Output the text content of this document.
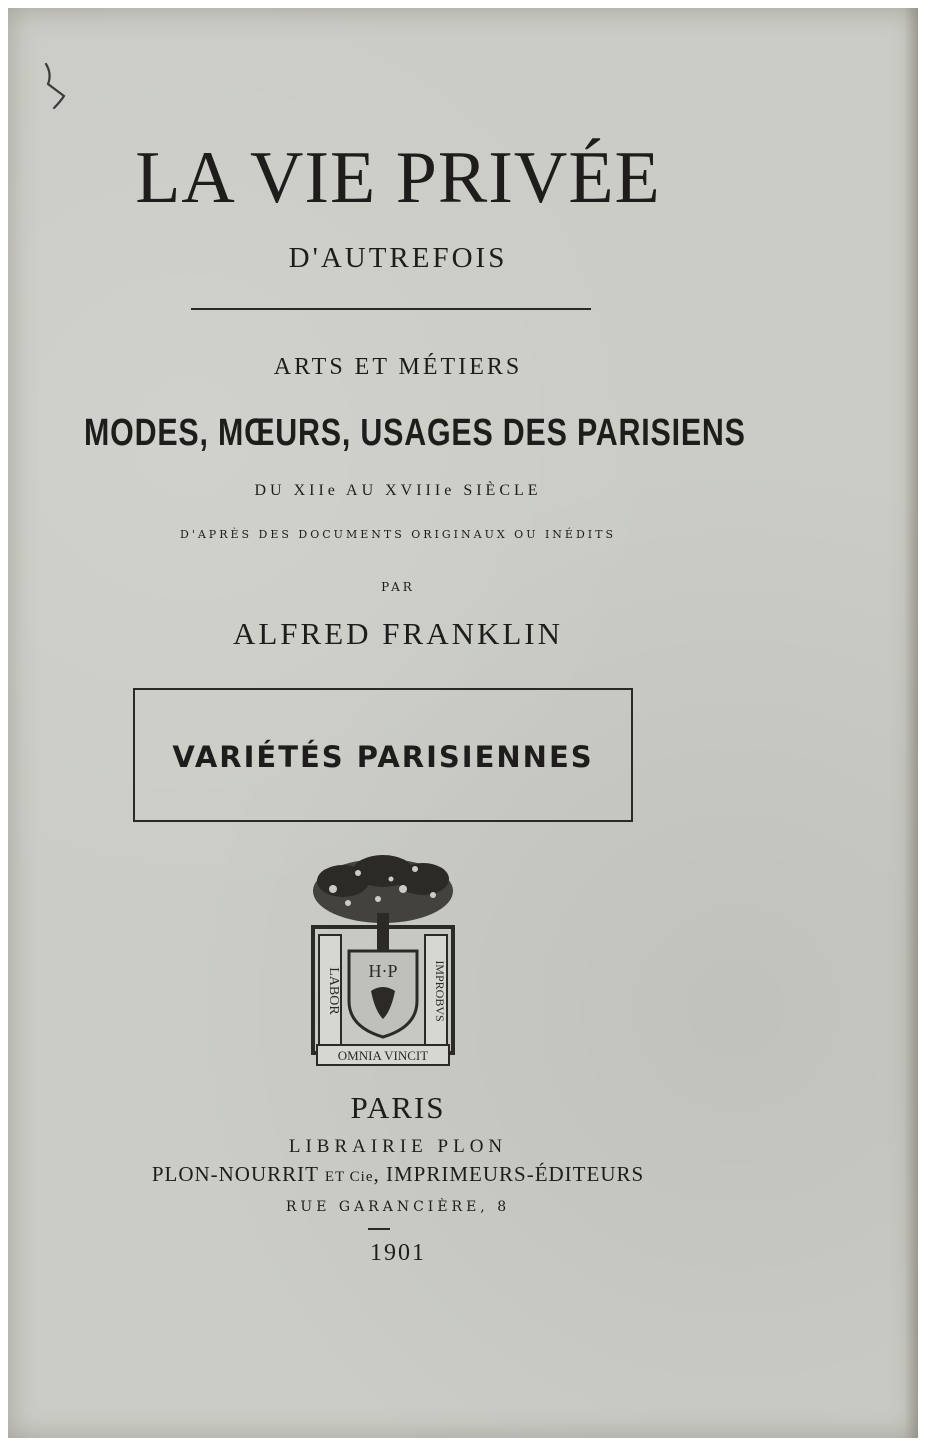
LA VIE PRIVÉE
D'AUTREFOIS
ARTS ET MÉTIERS
MODES, MŒURS, USAGES DES PARISIENS
DU XIIe AU XVIIIe SIÈCLE
D'APRÈS DES DOCUMENTS ORIGINAUX OU INÉDITS
PAR
ALFRED FRANKLIN
VARIÉTÉS PARISIENNES
LABOR	IMPROBVS
H·P
OMNIA VINCIT
PARIS
LIBRAIRIE PLON
PLON-NOURRIT ET Cie, IMPRIMEURS-ÉDITEURS
RUE GARANCIÈRE, 8
1901
